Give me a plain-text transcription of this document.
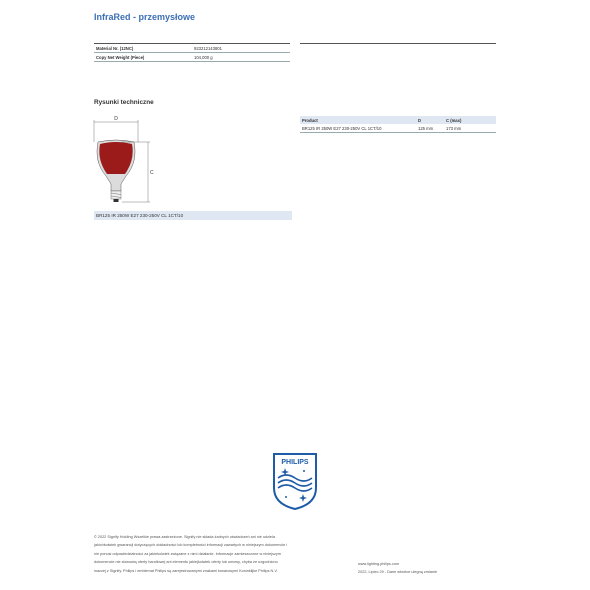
InfraRed - przemysłowe
Material Nr. (12NC)	923212143801
Copy Net Weight (Piece)	104,000 g
Rysunki techniczne
D
C
BR125 IR 250W E27 230-250V CL 1CT/10
Product	D	C (max)
BR125 IR 250W E27 230-250V CL 1CT/10	125 mm	173 mm
PHILIPS
© 2022 Signify Holding Wszelkie prawa zastrzeżone. Signify nie składa żadnych oświadczeń ani nie udziela
jakichkolwiek gwarancji dotyczących dokładności lub kompletności informacji zawartych w niniejszym dokumencie i
nie ponosi odpowiedzialności za jakiekolwiek związane z nimi działanie. Informacje zamieszczone w niniejszym
dokumencie nie stanowią oferty handlowej ani elementu jakiejkolwiek oferty lub umowy, chyba że uzgodniono
inaczej z Signify. Philips i emblemat Philips są zarejestrowanymi znakami towarowymi Koninklijke Philips N.V.
www.lighting.philips.com
2022, Lipiec 29 - Dane wkrótce ulegną zmianie
